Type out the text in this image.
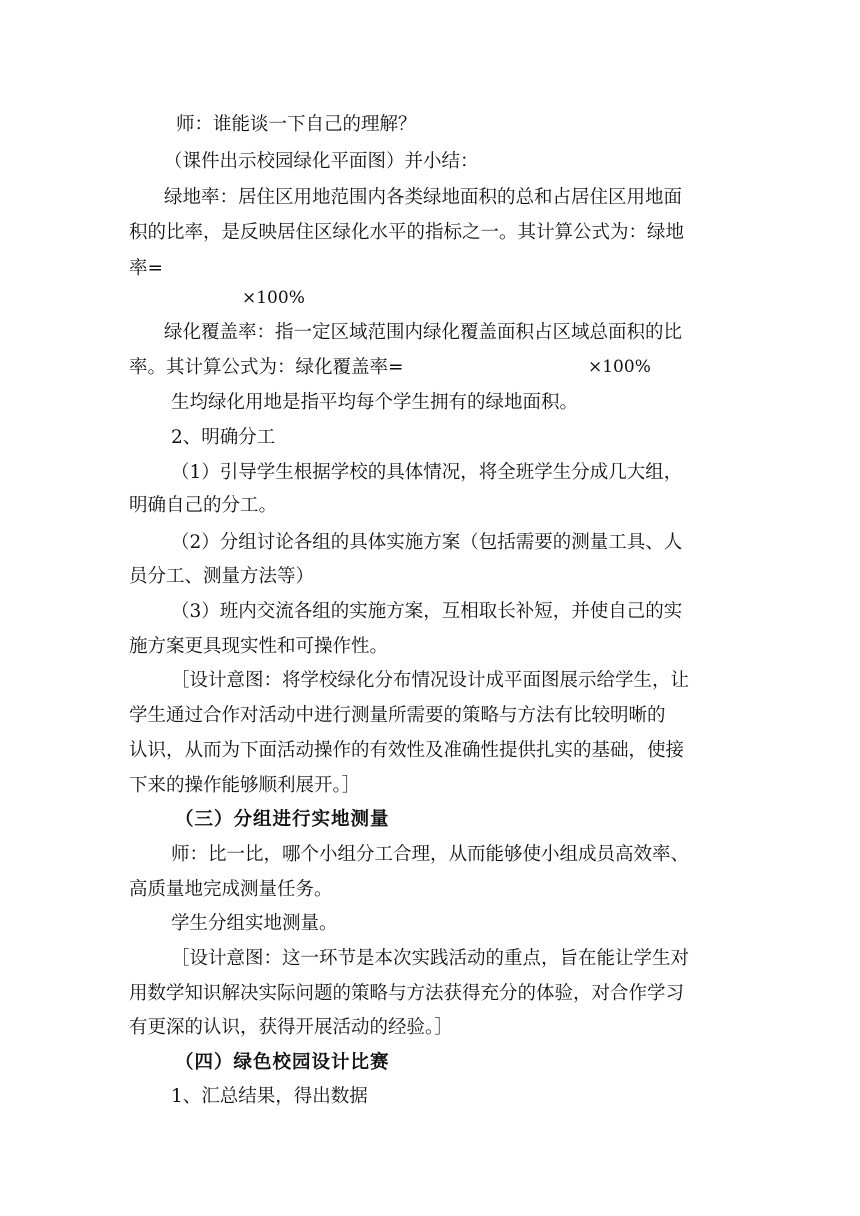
师：谁能谈一下自己的理解？
（课件出示校园绿化平面图）并小结：
绿地率：居住区用地范围内各类绿地面积的总和占居住区用地面
积的比率，是反映居住区绿化水平的指标之一。其计算公式为：绿地
率=
×100%
绿化覆盖率：指一定区域范围内绿化覆盖面积占区域总面积的比
率。其计算公式为：绿化覆盖率=	×100%
生均绿化用地是指平均每个学生拥有的绿地面积。
2、明确分工
（1）引导学生根据学校的具体情况，将全班学生分成几大组，
明确自己的分工。
（2）分组讨论各组的具体实施方案（包括需要的测量工具、人
员分工、测量方法等）
（3）班内交流各组的实施方案，互相取长补短，并使自己的实
施方案更具现实性和可操作性。
［设计意图：将学校绿化分布情况设计成平面图展示给学生，让
学生通过合作对活动中进行测量所需要的策略与方法有比较明晰的
认识，从而为下面活动操作的有效性及准确性提供扎实的基础，使接
下来的操作能够顺利展开。］
（三）分组进行实地测量
师：比一比，哪个小组分工合理，从而能够使小组成员高效率、
高质量地完成测量任务。
学生分组实地测量。
［设计意图：这一环节是本次实践活动的重点，旨在能让学生对
用数学知识解决实际问题的策略与方法获得充分的体验，对合作学习
有更深的认识，获得开展活动的经验。］
（四）绿色校园设计比赛
1、汇总结果，得出数据
